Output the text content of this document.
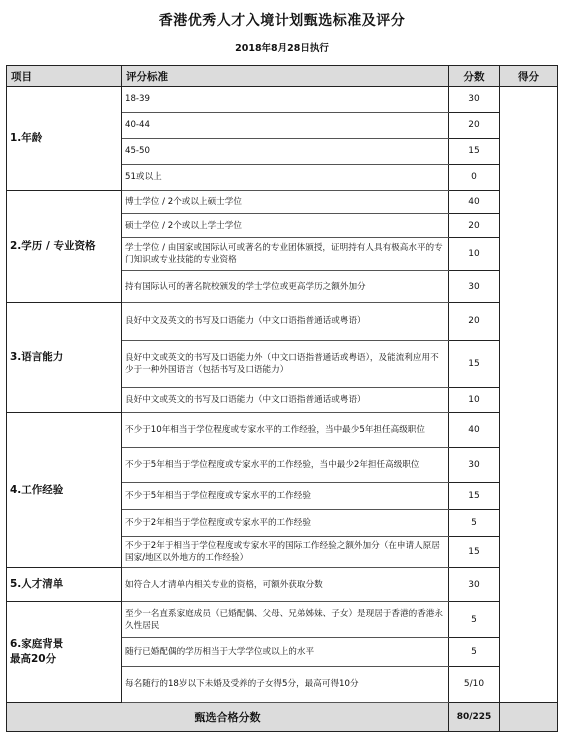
香港优秀人才入境计划甄选标准及评分
2018年8月28日执行
项目	评分标准	分数	得分
1.年龄	18-39	30	
	40-44	20	
	45-50	15	
	51或以上	0	
2.学历 / 专业资格	博士学位 / 2个或以上硕士学位	40	
	硕士学位 / 2个或以上学士学位	20	
	学士学位 / 由国家或国际认可或著名的专业团体颁授，证明持有人具有极高水平的专门知识或专业技能的专业资格	10	
	持有国际认可的著名院校颁发的学士学位或更高学历之额外加分	30	
3.语言能力	良好中文及英文的书写及口语能力（中文口语指普通话或粤语）	20	
	良好中文或英文的书写及口语能力外（中文口语指普通话或粤语），及能流利应用不少于一种外国语言（包括书写及口语能力）	15	
	良好中文或英文的书写及口语能力（中文口语指普通话或粤语）	10	
4.工作经验	不少于10年相当于学位程度或专家水平的工作经验，当中最少5年担任高级职位	40	
	不少于5年相当于学位程度或专家水平的工作经验，当中最少2年担任高级职位	30	
	不少于5年相当于学位程度或专家水平的工作经验	15	
	不少于2年相当于学位程度或专家水平的工作经验	5	
	不少于2年于相当于学位程度或专家水平的国际工作经验之额外加分（在申请人原居国家/地区以外地方的工作经验）	15	
5.人才清单	如符合人才清单内相关专业的资格，可额外获取分数	30	
6.家庭背景
最高20分	至少一名直系家庭成员（已婚配偶、父母、兄弟姊妹、子女）是现居于香港的香港永久性居民	5	
	随行已婚配偶的学历相当于大学学位或以上的水平	5	
	每名随行的18岁以下未婚及受养的子女得5分，最高可得10分	5/10	
甄选合格分数		80/225	
